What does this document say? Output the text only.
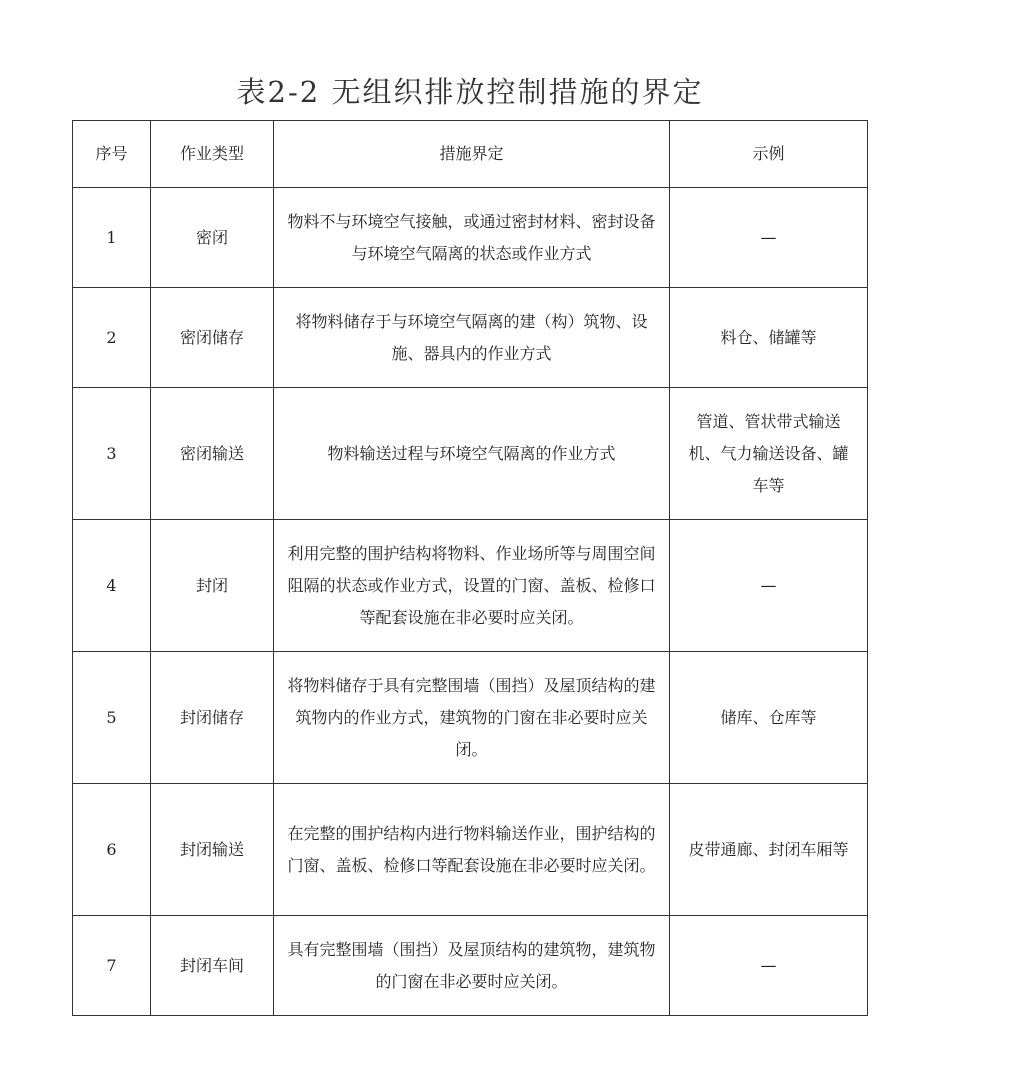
表2-2 无组织排放控制措施的界定
序号	作业类型	措施界定	示例
1	密闭	物料不与环境空气接触，或通过密封材料、密封设备与环境空气隔离的状态或作业方式	—
2	密闭储存	将物料储存于与环境空气隔离的建（构）筑物、设施、器具内的作业方式	料仓、储罐等
3	密闭输送	物料输送过程与环境空气隔离的作业方式	管道、管状带式输送机、气力输送设备、罐车等
4	封闭	利用完整的围护结构将物料、作业场所等与周围空间阻隔的状态或作业方式，设置的门窗、盖板、检修口等配套设施在非必要时应关闭。	—
5	封闭储存	将物料储存于具有完整围墙（围挡）及屋顶结构的建筑物内的作业方式，建筑物的门窗在非必要时应关闭。	储库、仓库等
6	封闭输送	在完整的围护结构内进行物料输送作业，围护结构的门窗、盖板、检修口等配套设施在非必要时应关闭。	皮带通廊、封闭车厢等
7	封闭车间	具有完整围墙（围挡）及屋顶结构的建筑物，建筑物的门窗在非必要时应关闭。	—
